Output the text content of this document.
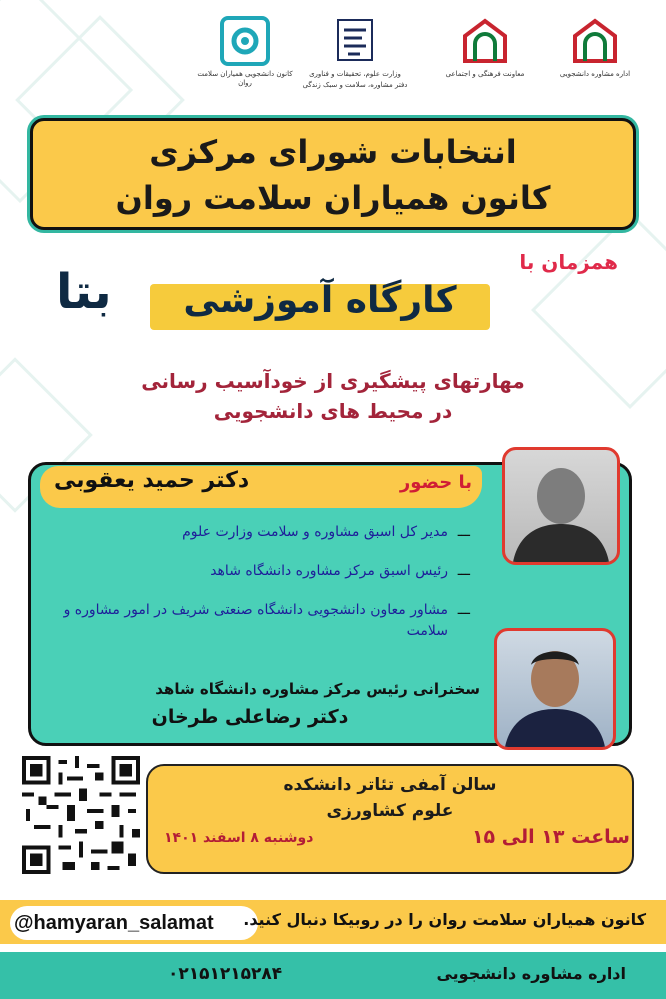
کانون دانشجویی همیاران سلامت روان
وزارت علوم، تحقیقات و فناوری
دفتر مشاوره، سلامت و سبک زندگی
معاونت فرهنگی و اجتماعی	اداره مشاوره دانشجویی
انتخابات شورای مرکزی
کانون همیاران سلامت روان
همزمان با
کارگاه آموزشی
بتا
مهارتهای پیشگیری از خودآسیب رسانی
در محیط های دانشجویی
با حضور
دکتر حمید یعقوبی
ـــ
مدیر کل اسبق مشاوره و سلامت وزارت علوم
ـــ
رئیس اسبق مرکز مشاوره دانشگاه شاهد
ـــ
مشاور معاون دانشجویی دانشگاه صنعتی شریف در امور مشاوره و سلامت
سخنرانی رئیس مرکز مشاوره دانشگاه شاهد
دکتر رضاعلی طرخان
سالن آمفی تئاتر دانشکده
علوم کشاورزی
ساعت ۱۳ الی ۱۵
دوشنبه ۸ اسفند ۱۴۰۱
@hamyaran_salamat کانون همیاران سلامت روان را در روبیکا دنبال کنید.
۰۲۱۵۱۲۱۵۲۸۴	اداره مشاوره دانشجویی
